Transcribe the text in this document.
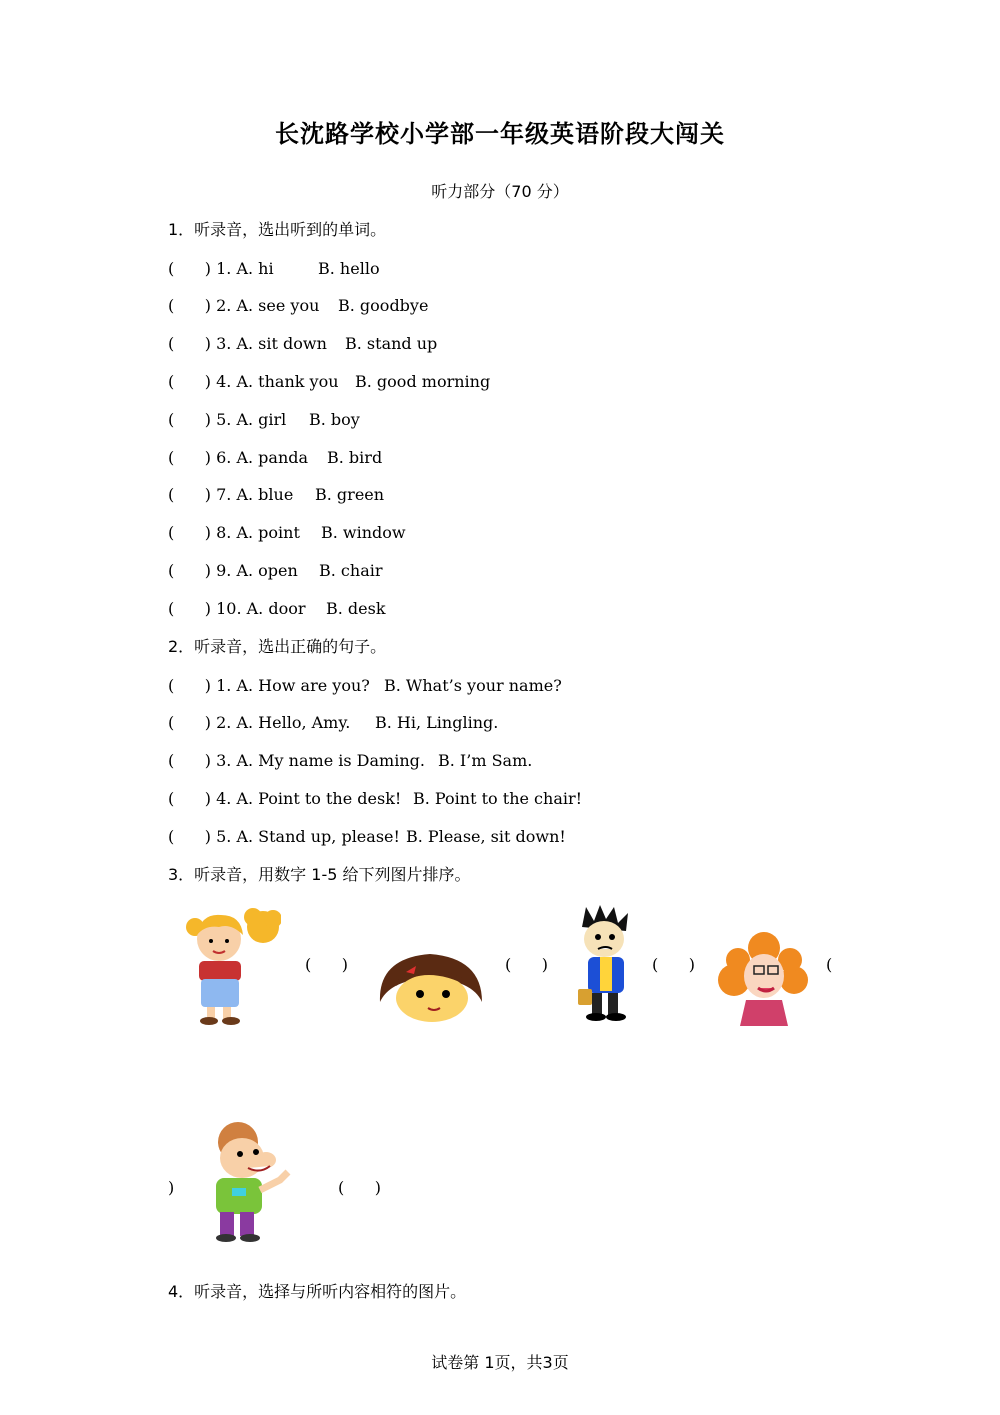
长沈路学校小学部一年级英语阶段大闯关
听力部分（70 分）
1．听录音，选出听到的单词。
(      ) 1. A. hi	B. hello
(      ) 2. A. see you B. goodbye
(      ) 3. A. sit down B. stand up
(      ) 4. A. thank you B. good morning
(      ) 5. A. girl B. boy
(      ) 6. A. panda B. bird
(      ) 7. A. blue B. green
(      ) 8. A. point B. window
(      ) 9. A. open B. chair
(      ) 10. A. door B. desk
2．听录音，选出正确的句子。
(      ) 1. A. How are you? B. What’s your name?
(      ) 2. A. Hello, Amy. B. Hi, Lingling.
(      ) 3. A. My name is Daming. B. I’m Sam.
(      ) 4. A. Point to the desk! B. Point to the chair!
(      ) 5. A. Stand up, please! B. Please, sit down!
3．听录音，用数字 1-5 给下列图片排序。
(      )	(      )	(      )	(
)	(      )
4．听录音，选择与所听内容相符的图片。
试卷第 1页，共3页
